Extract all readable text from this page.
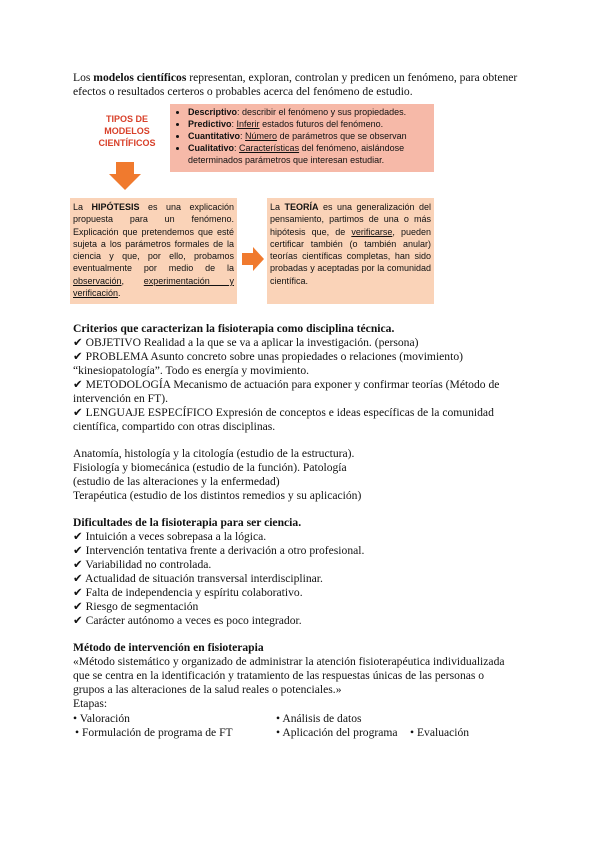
Los modelos científicos representan, exploran, controlan y predicen un fenómeno, para obtener efectos o resultados certeros o probables acerca del fenómeno de estudio.
TIPOS DE MODELOS CIENTÍFICOS
• Descriptivo: describir el fenómeno y sus propiedades.
• Predictivo: Inferir estados futuros del fenómeno.
• Cuantitativo: Número de parámetros que se observan
• Cualitativo: Características del fenómeno, aislándose
determinados parámetros que interesan estudiar.
La HIPÓTESIS es una explicación propuesta para un fenómeno. Explicación que pretendemos que esté sujeta a los parámetros formales de la ciencia y que, por ello, probamos eventualmente por medio de la observación, experimentación y verificación.
La TEORÍA es una generalización del pensamiento, partimos de una o más hipótesis que, de verificarse, pueden certificar también (o también anular) teorías científicas completas, han sido probadas y aceptadas por la comunidad científica.
Criterios que caracterizan la fisioterapia como disciplina técnica.
✔ OBJETIVO Realidad a la que se va a aplicar la investigación. (persona)
✔ PROBLEMA Asunto concreto sobre unas propiedades o relaciones (movimiento)
“kinesiopatología”. Todo es energía y movimiento.
✔ METODOLOGÍA Mecanismo de actuación para exponer y confirmar teorías (Método de
intervención en FT).
✔ LENGUAJE ESPECÍFICO Expresión de conceptos e ideas específicas de la comunidad
científica, compartido con otras disciplinas.
Anatomía, histología y la citología (estudio de la estructura).
Fisiología y biomecánica (estudio de la función). Patología
(estudio de las alteraciones y la enfermedad)
Terapéutica (estudio de los distintos remedios y su aplicación)
Dificultades de la fisioterapia para ser ciencia.
✔ Intuición a veces sobrepasa a la lógica.
✔ Intervención tentativa frente a derivación a otro profesional.
✔ Variabilidad no controlada.
✔ Actualidad de situación transversal interdisciplinar.
✔ Falta de independencia y espíritu colaborativo.
✔ Riesgo de segmentación
✔ Carácter autónomo a veces es poco integrador.
Método de intervención en fisioterapia
«Método sistemático y organizado de administrar la atención fisioterapéutica individualizada
que se centra en la identificación y tratamiento de las respuestas únicas de las personas o
grupos a las alteraciones de la salud reales o potenciales.»
Etapas:
• Valoración	• Análisis de datos
• Formulación de programa de FT	• Aplicación del programa • Evaluación
